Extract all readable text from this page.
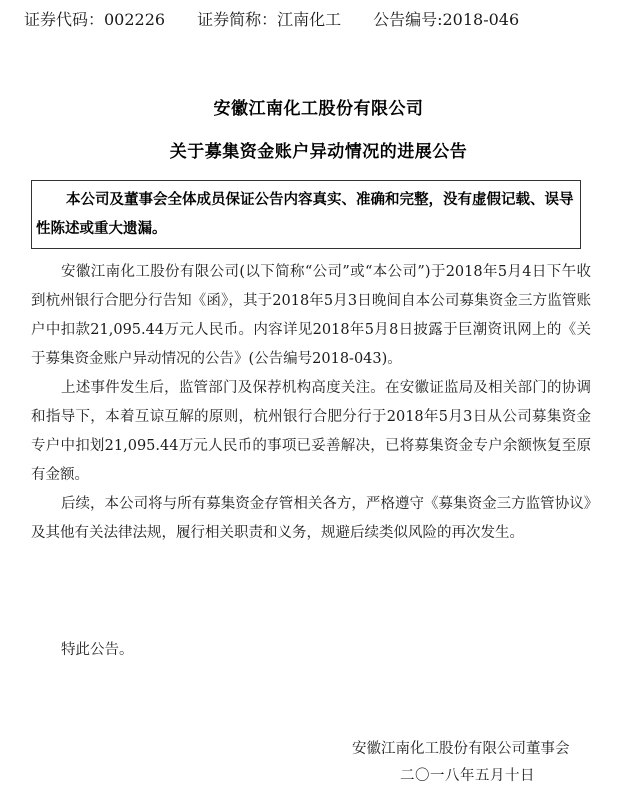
证券代码：002226 证券简称：江南化工 公告编号:2018-046
安徽江南化工股份有限公司
关于募集资金账户异动情况的进展公告

本公司及董事会全体成员保证公告内容真实、准确和完整，没有虚假记载、误导性陈述或重大遗漏。

安徽江南化工股份有限公司(以下简称“公司”或“本公司”)于2018年5月4日下午收到杭州银行合肥分行告知《函》，其于2018年5月3日晚间自本公司募集资金三方监管账户中扣款21,095.44万元人民币。内容详见2018年5月8日披露于巨潮资讯网上的《关于募集资金账户异动情况的公告》(公告编号2018-043)。

上述事件发生后，监管部门及保荐机构高度关注。在安徽证监局及相关部门的协调和指导下，本着互谅互解的原则，杭州银行合肥分行于2018年5月3日从公司募集资金专户中扣划21,095.44万元人民币的事项已妥善解决，已将募集资金专户余额恢复至原有金额。

后续，本公司将与所有募集资金存管相关各方，严格遵守《募集资金三方监管协议》及其他有关法律法规，履行相关职责和义务，规避后续类似风险的再次发生。

特此公告。
安徽江南化工股份有限公司董事会
二〇一八年五月十日
